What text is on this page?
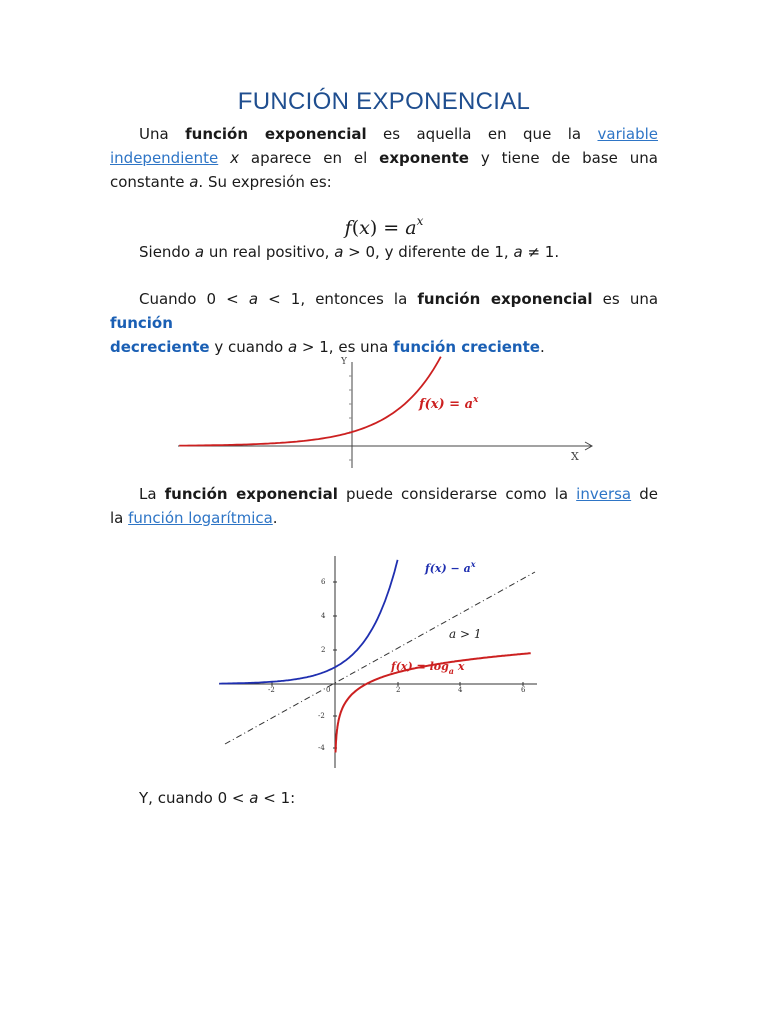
FUNCIÓN EXPONENCIAL
Una función exponencial es aquella en que la variable
independiente x aparece en el exponente y tiene de base una
constante a. Su expresión es:
$f(x) = a^x$
Siendo a un real positivo, a > 0, y diferente de 1, a ≠ 1.
Cuando 0 < a < 1, entonces la función exponencial es una función
decreciente y cuando a > 1, es una función creciente.
Y
X
$f(x) = a^x$
La función exponencial puede considerarse como la inversa de
la función logarítmica.
-2	0	2	4	6
6
4
2
-2
-4
$f(x) - a^x$
a > 1
$f(x) = \log_a x$
Y, cuando 0 < a < 1:
